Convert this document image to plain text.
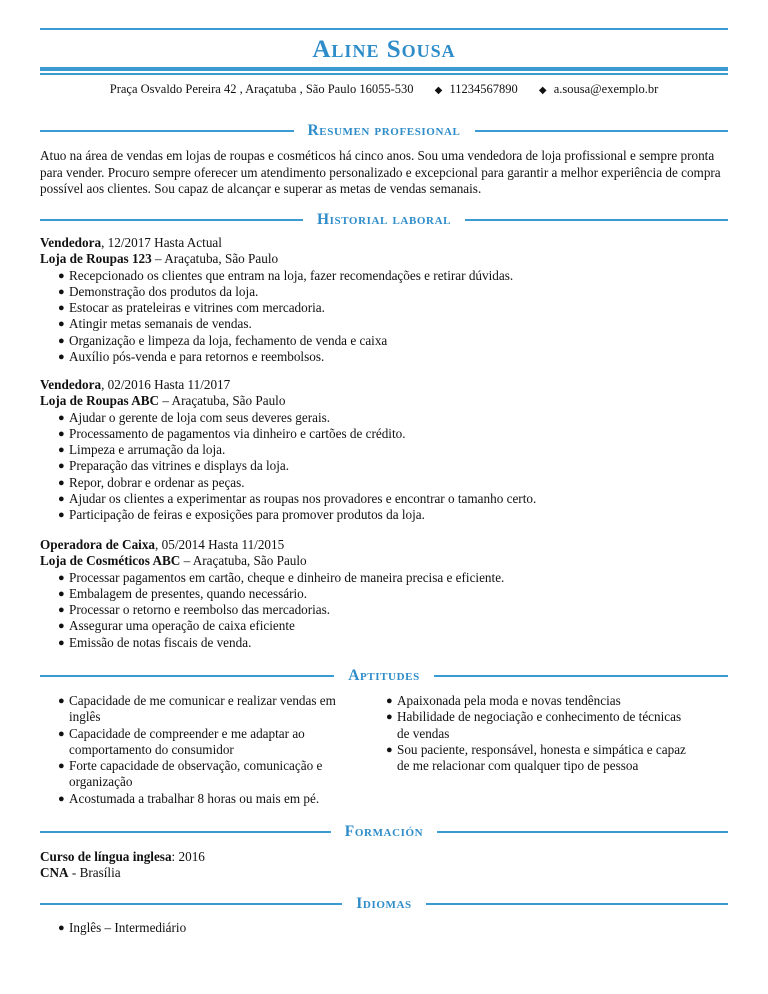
Aline Sousa
Praça Osvaldo Pereira 42 , Araçatuba , São Paulo 16055-530 ◆ 11234567890 ◆ a.sousa@exemplo.br
Resumen profesional
Atuo na área de vendas em lojas de roupas e cosméticos há cinco anos. Sou uma vendedora de loja profissional e sempre pronta para vender. Procuro sempre oferecer um atendimento personalizado e excepcional para garantir a melhor experiência de compra possível aos clientes. Sou capaz de alcançar e superar as metas de vendas semanais.
Historial laboral
Vendedora, 12/2017 Hasta Actual
Loja de Roupas 123 – Araçatuba, São Paulo
● Recepcionado os clientes que entram na loja, fazer recomendações e retirar dúvidas.
● Demonstração dos produtos da loja.
● Estocar as prateleiras e vitrines com mercadoria.
● Atingir metas semanais de vendas.
● Organização e limpeza da loja, fechamento de venda e caixa
● Auxílio pós-venda e para retornos e reembolsos.
Vendedora, 02/2016 Hasta 11/2017
Loja de Roupas ABC – Araçatuba, São Paulo
● Ajudar o gerente de loja com seus deveres gerais.
● Processamento de pagamentos via dinheiro e cartões de crédito.
● Limpeza e arrumação da loja.
● Preparação das vitrines e displays da loja.
● Repor, dobrar e ordenar as peças.
● Ajudar os clientes a experimentar as roupas nos provadores e encontrar o tamanho certo.
● Participação de feiras e exposições para promover produtos da loja.
Operadora de Caixa, 05/2014 Hasta 11/2015
Loja de Cosméticos ABC – Araçatuba, São Paulo
● Processar pagamentos em cartão, cheque e dinheiro de maneira precisa e eficiente.
● Embalagem de presentes, quando necessário.
● Processar o retorno e reembolso das mercadorias.
● Assegurar uma operação de caixa eficiente
● Emissão de notas fiscais de venda.
Aptitudes
● Capacidade de me comunicar e realizar vendas em inglês
● Capacidade de compreender e me adaptar ao comportamento do consumidor
● Forte capacidade de observação, comunicação e organização
● Acostumada a trabalhar 8 horas ou mais em pé.
● Apaixonada pela moda e novas tendências
● Habilidade de negociação e conhecimento de técnicas de vendas
● Sou paciente, responsável, honesta e simpática e capaz de me relacionar com qualquer tipo de pessoa
Formación
Curso de língua inglesa: 2016
CNA - Brasília
Idiomas
● Inglês – Intermediário
